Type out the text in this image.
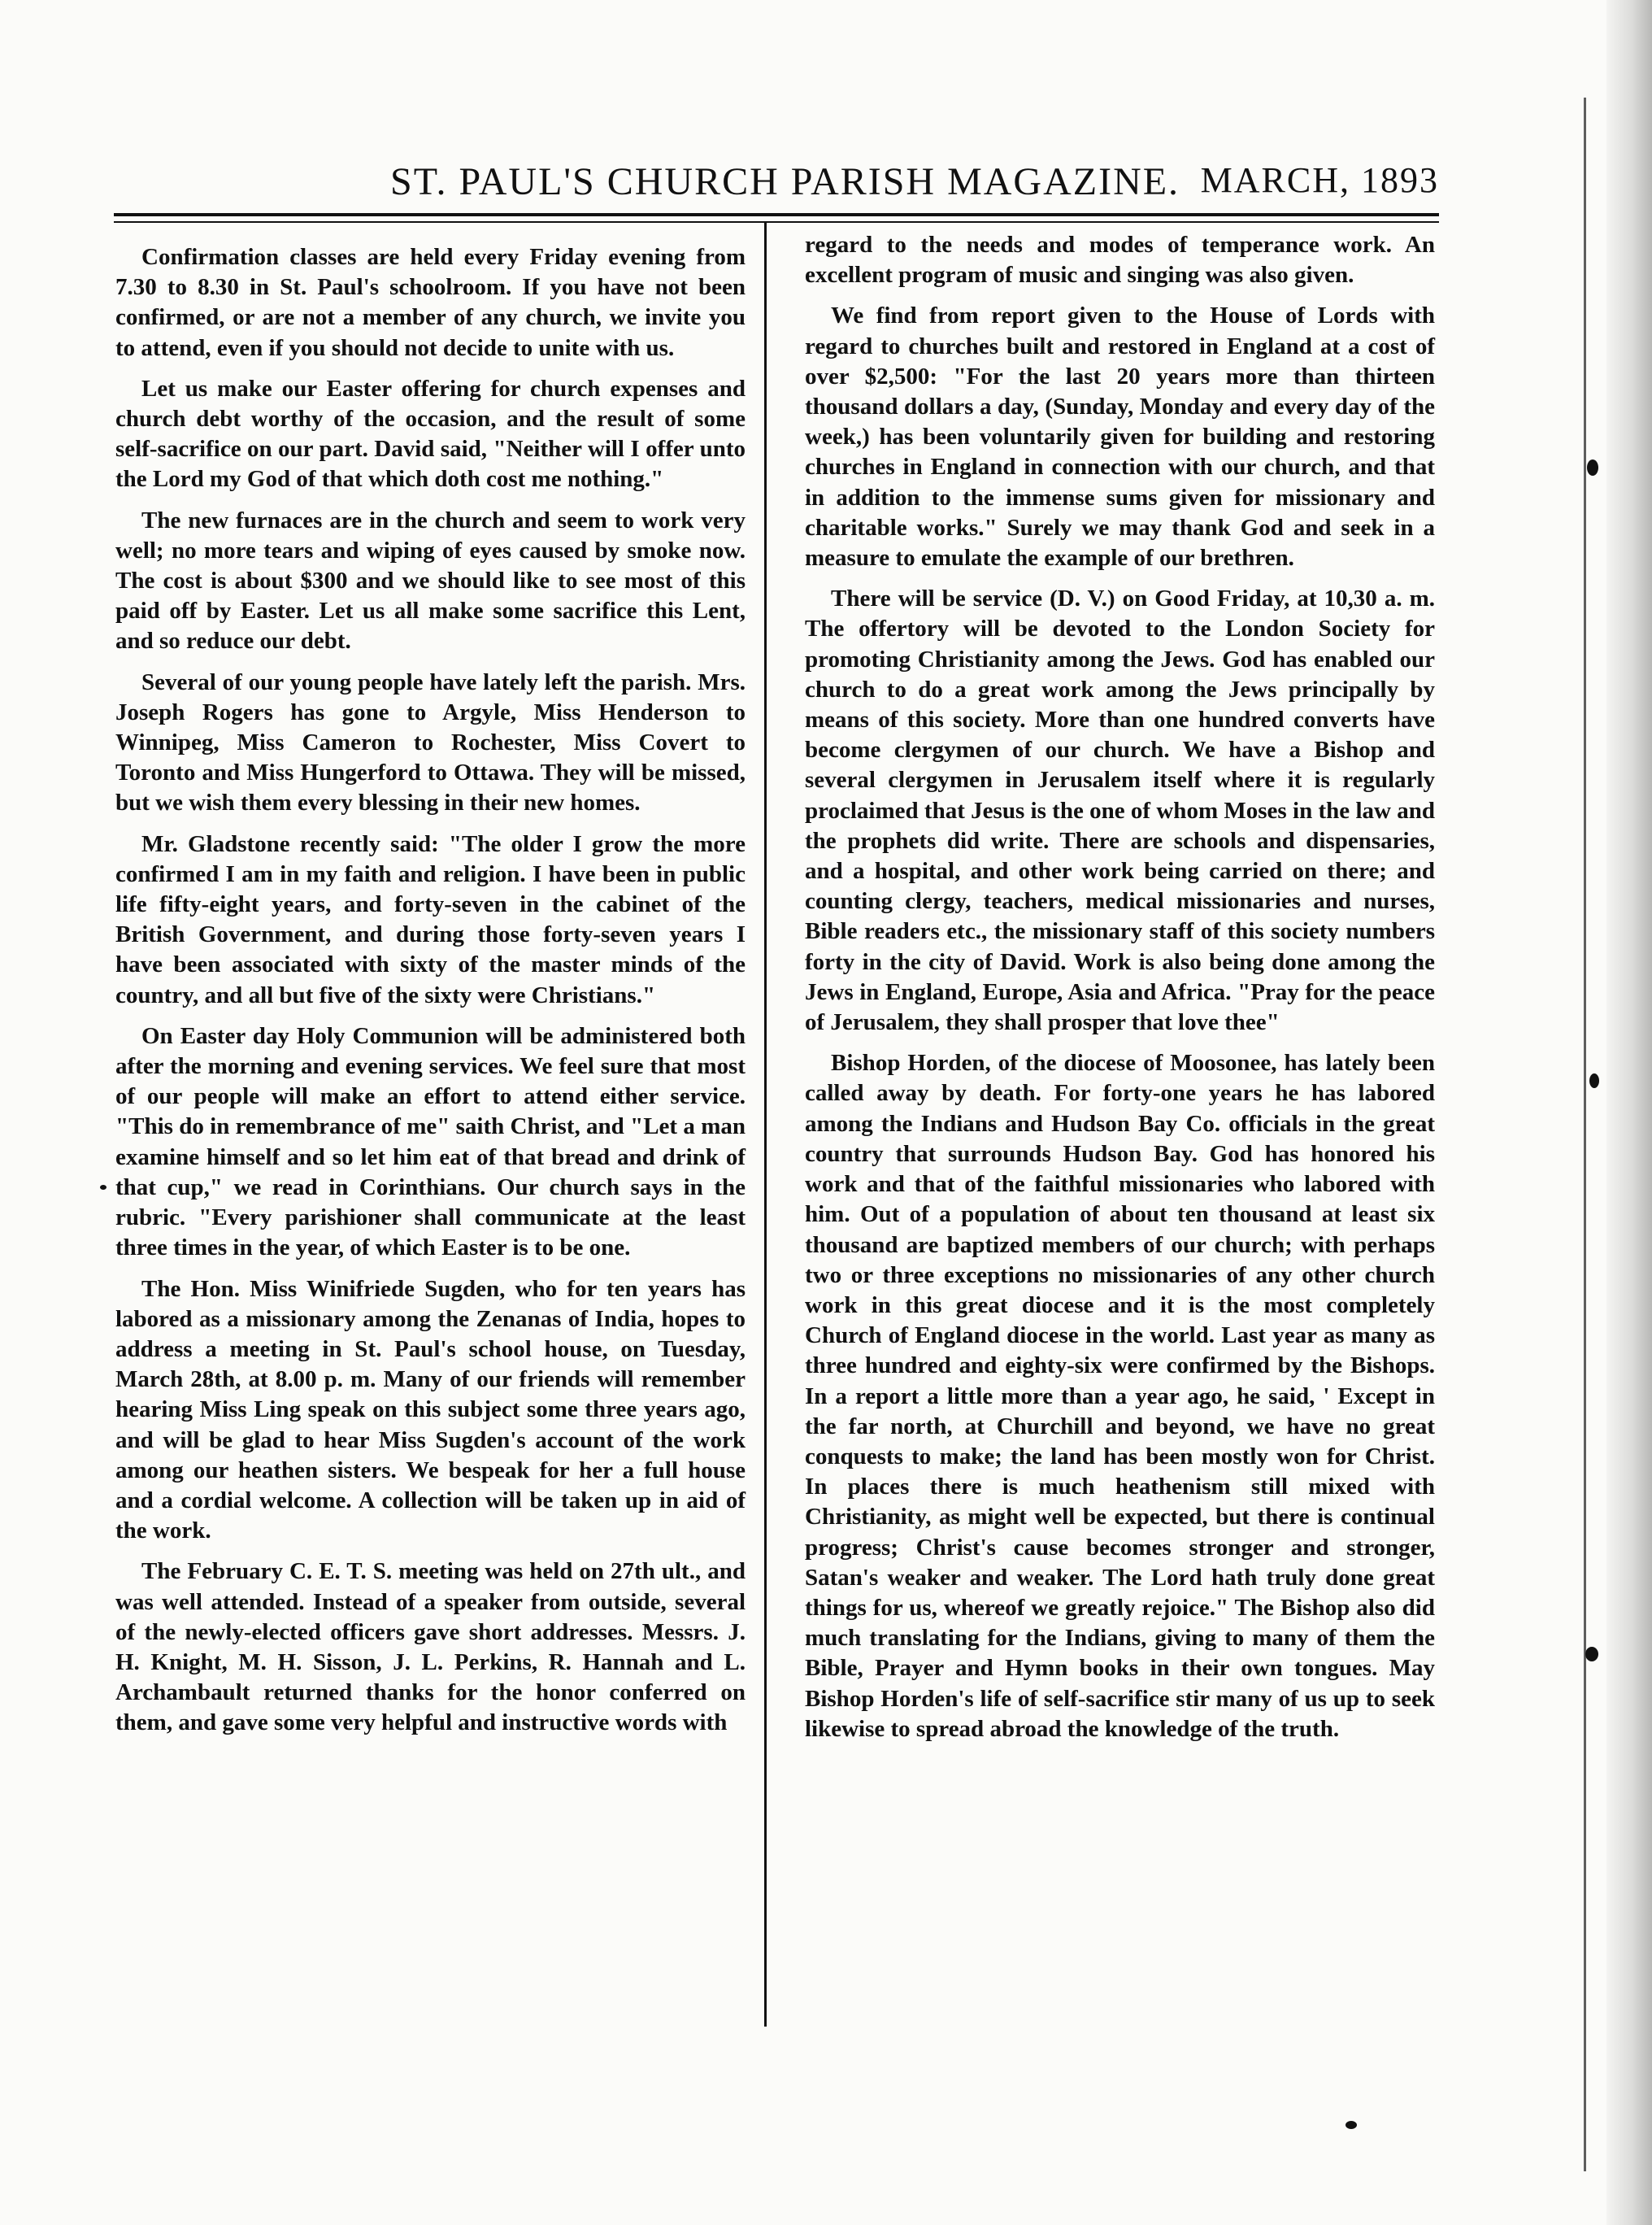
ST. PAUL'S CHURCH PARISH MAGAZINE. MARCH, 1893

Confirmation classes are held every Friday evening from 7.30 to 8.30 in St. Paul's schoolroom. If you have not been confirmed, or are not a member of any church, we invite you to attend, even if you should not decide to unite with us.

Let us make our Easter offering for church expenses and church debt worthy of the occasion, and the result of some self-sacrifice on our part. David said, "Neither will I offer unto the Lord my God of that which doth cost me nothing."

The new furnaces are in the church and seem to work very well; no more tears and wiping of eyes caused by smoke now. The cost is about $300 and we should like to see most of this paid off by Easter. Let us all make some sacrifice this Lent, and so reduce our debt.

Several of our young people have lately left the parish. Mrs. Joseph Rogers has gone to Argyle, Miss Henderson to Winnipeg, Miss Cameron to Rochester, Miss Covert to Toronto and Miss Hungerford to Ottawa. They will be missed, but we wish them every blessing in their new homes.

Mr. Gladstone recently said: "The older I grow the more confirmed I am in my faith and religion. I have been in public life fifty-eight years, and forty-seven in the cabinet of the British Government, and during those forty-seven years I have been associated with sixty of the master minds of the country, and all but five of the sixty were Christians."

On Easter day Holy Communion will be administered both after the morning and evening services. We feel sure that most of our people will make an effort to attend either service. "This do in remembrance of me" saith Christ, and "Let a man examine himself and so let him eat of that bread and drink of that cup," we read in Corinthians. Our church says in the rubric. "Every parishioner shall communicate at the least three times in the year, of which Easter is to be one.

The Hon. Miss Winifriede Sugden, who for ten years has labored as a missionary among the Zenanas of India, hopes to address a meeting in St. Paul's school house, on Tuesday, March 28th, at 8.00 p. m. Many of our friends will remember hearing Miss Ling speak on this subject some three years ago, and will be glad to hear Miss Sugden's account of the work among our heathen sisters. We bespeak for her a full house and a cordial welcome. A collection will be taken up in aid of the work.

The February C. E. T. S. meeting was held on 27th ult., and was well attended. Instead of a speaker from outside, several of the newly-elected officers gave short addresses. Messrs. J. H. Knight, M. H. Sisson, J. L. Perkins, R. Hannah and L. Archambault returned thanks for the honor conferred on them, and gave some very helpful and instructive words with

regard to the needs and modes of temperance work. An excellent program of music and singing was also given.

We find from report given to the House of Lords with regard to churches built and restored in England at a cost of over $2,500: "For the last 20 years more than thirteen thousand dollars a day, (Sunday, Monday and every day of the week,) has been voluntarily given for building and restoring churches in England in connection with our church, and that in addition to the immense sums given for missionary and charitable works." Surely we may thank God and seek in a measure to emulate the example of our brethren.

There will be service (D. V.) on Good Friday, at 10,30 a. m. The offertory will be devoted to the London Society for promoting Christianity among the Jews. God has enabled our church to do a great work among the Jews principally by means of this society. More than one hundred converts have become clergymen of our church. We have a Bishop and several clergymen in Jerusalem itself where it is regularly proclaimed that Jesus is the one of whom Moses in the law and the prophets did write. There are schools and dispensaries, and a hospital, and other work being carried on there; and counting clergy, teachers, medical missionaries and nurses, Bible readers etc., the missionary staff of this society numbers forty in the city of David. Work is also being done among the Jews in England, Europe, Asia and Africa. "Pray for the peace of Jerusalem, they shall prosper that love thee"

Bishop Horden, of the diocese of Moosonee, has lately been called away by death. For forty-one years he has labored among the Indians and Hudson Bay Co. officials in the great country that surrounds Hudson Bay. God has honored his work and that of the faithful missionaries who labored with him. Out of a population of about ten thousand at least six thousand are baptized members of our church; with perhaps two or three exceptions no missionaries of any other church work in this great diocese and it is the most completely Church of England diocese in the world. Last year as many as three hundred and eighty-six were confirmed by the Bishops. In a report a little more than a year ago, he said, ' Except in the far north, at Churchill and beyond, we have no great conquests to make; the land has been mostly won for Christ. In places there is much heathenism still mixed with Christianity, as might well be expected, but there is continual progress; Christ's cause becomes stronger and stronger, Satan's weaker and weaker. The Lord hath truly done great things for us, whereof we greatly rejoice." The Bishop also did much translating for the Indians, giving to many of them the Bible, Prayer and Hymn books in their own tongues. May Bishop Horden's life of self-sacrifice stir many of us up to seek likewise to spread abroad the knowledge of the truth.
